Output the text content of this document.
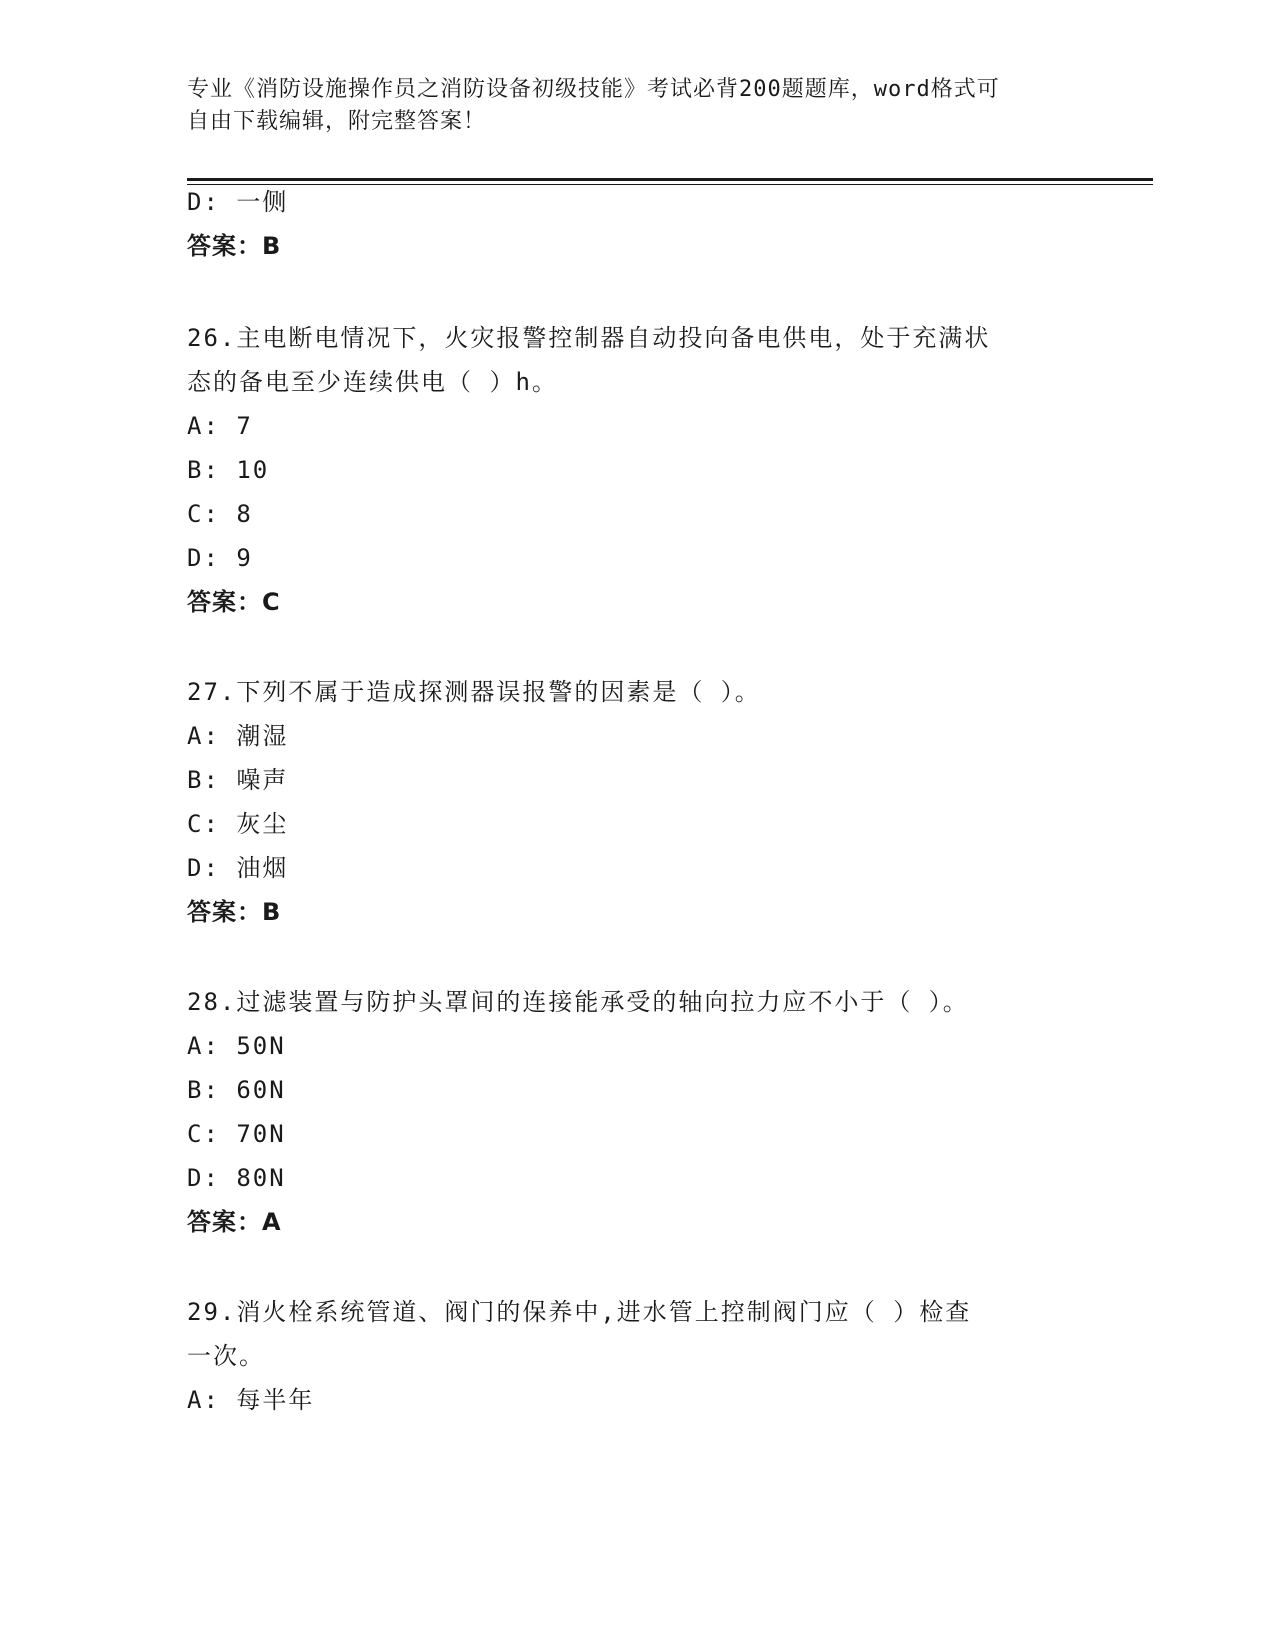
专业《消防设施操作员之消防设备初级技能》考试必背200题题库，word格式可
自由下载编辑，附完整答案！
D: 一侧
答案：B
26.主电断电情况下，火灾报警控制器自动投向备电供电，处于充满状
态的备电至少连续供电（ ）h。
A: 7
B: 10
C: 8
D: 9
答案：C
27.下列不属于造成探测器误报警的因素是（ ）。
A: 潮湿
B: 噪声
C: 灰尘
D: 油烟
答案：B
28.过滤装置与防护头罩间的连接能承受的轴向拉力应不小于（ ）。
A: 50N
B: 60N
C: 70N
D: 80N
答案：A
29.消火栓系统管道、阀门的保养中,进水管上控制阀门应（ ）检查
一次。
A: 每半年
